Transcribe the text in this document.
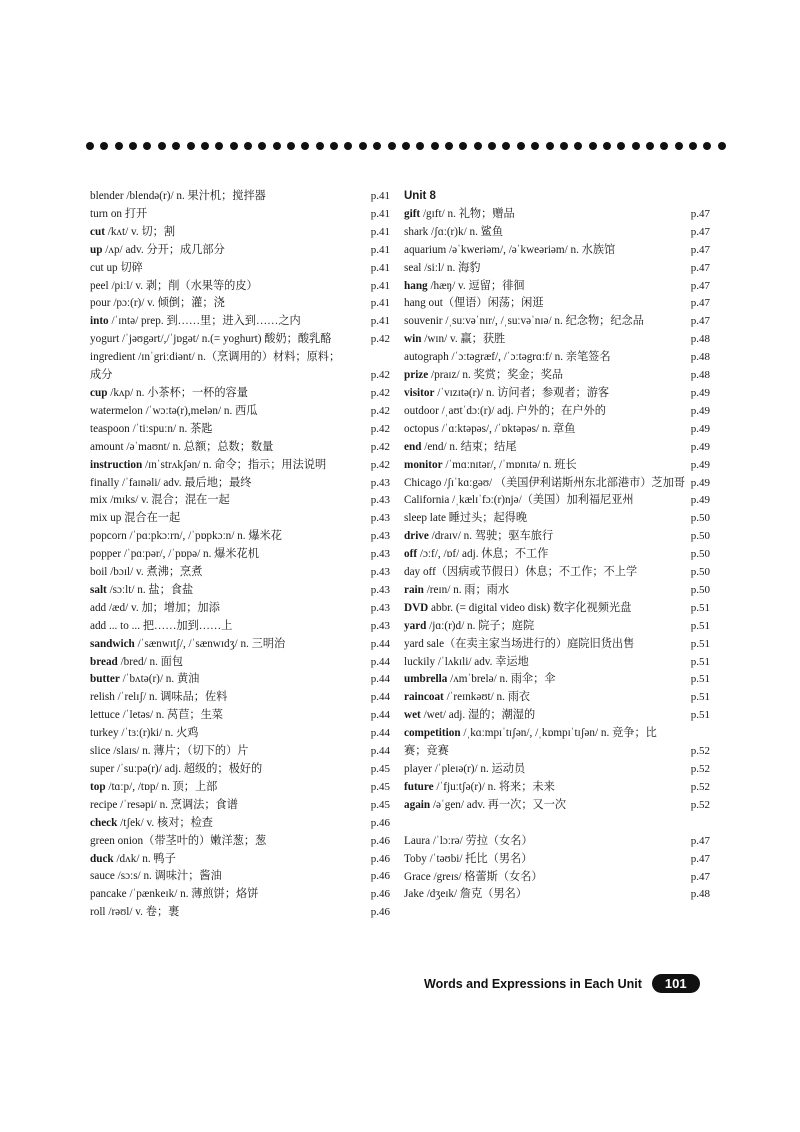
blender /blendə(r)/ n. 果汁机；搅拌器	p.41
turn on 打开	p.41
cut /kʌt/ v. 切；割	p.41
up /ʌp/ adv. 分开；成几部分	p.41
cut up 切碎	p.41
peel /piːl/ v. 剥；削（水果等的皮）	p.41
pour /pɔː(r)/ v. 倾倒；灌；浇	p.41
into /ˈɪntə/ prep. 到……里；进入到……之内	p.41
yogurt /ˈjəʊgərt/,/ˈjɒgət/ n.(= yoghurt) 酸奶；酸乳酪	p.42
ingredient /ɪnˈgriːdiənt/ n.（烹调用的）材料；原料；成分	p.42
cup /kʌp/ n. 小茶杯；一杯的容量	p.42
watermelon /ˈwɔːtə(r),melən/ n. 西瓜	p.42
teaspoon /ˈtiːspuːn/ n. 茶匙	p.42
amount /əˈmaʊnt/ n. 总额；总数；数量	p.42
instruction /ɪnˈstrʌkʃən/ n. 命令；指示；用法说明	p.42
finally /ˈfaɪnəli/ adv. 最后地；最终	p.43
mix /mɪks/ v. 混合；混在一起	p.43
mix up 混合在一起	p.43
popcorn /ˈpɑːpkɔːrn/, /ˈpɒpkɔːn/ n. 爆米花	p.43
popper /ˈpɑːpər/, /ˈpɒpə/ n. 爆米花机	p.43
boil /bɔɪl/ v. 煮沸；烹煮	p.43
salt /sɔːlt/ n. 盐；食盐	p.43
add /æd/ v. 加；增加；加添	p.43
add ... to ... 把……加到……上	p.43
sandwich /ˈsænwɪtʃ/, /ˈsænwɪdʒ/ n. 三明治	p.44
bread /bred/ n. 面包	p.44
butter /ˈbʌtə(r)/ n. 黄油	p.44
relish /ˈrelɪʃ/ n. 调味品；佐料	p.44
lettuce /ˈletəs/ n. 莴苣；生菜	p.44
turkey /ˈtɜː(r)ki/ n. 火鸡	p.44
slice /slaɪs/ n. 薄片；（切下的）片	p.44
super /ˈsuːpə(r)/ adj. 超级的；极好的	p.45
top /tɑːp/, /tɒp/ n. 顶；上部	p.45
recipe /ˈresəpi/ n. 烹调法；食谱	p.45
check /tʃek/ v. 核对；检查	p.46
green onion（带茎叶的）嫩洋葱；葱	p.46
duck /dʌk/ n. 鸭子	p.46
sauce /sɔːs/ n. 调味汁；酱油	p.46
pancake /ˈpænkeɪk/ n. 薄煎饼；烙饼	p.46
roll /rəʊl/ v. 卷；裹	p.46
Unit 8
gift /gɪft/ n. 礼物；赠品	p.47
shark /ʃɑː(r)k/ n. 鲨鱼	p.47
aquarium /əˈkweriəm/, /əˈkweəriəm/ n. 水族馆	p.47
seal /siːl/ n. 海豹	p.47
hang /hæŋ/ v. 逗留；徘徊	p.47
hang out（俚语）闲荡；闲逛	p.47
souvenir /ˌsuːvəˈnɪr/, /ˌsuːvəˈnɪə/ n. 纪念物；纪念品	p.47
win /wɪn/ v. 赢；获胜	p.48
autograph /ˈɔːtəgræf/, /ˈɔːtəgrɑːf/ n. 亲笔签名	p.48
prize /praɪz/ n. 奖赏；奖金；奖品	p.48
visitor /ˈvɪzɪtə(r)/ n. 访问者；参观者；游客	p.49
outdoor /ˌaʊtˈdɔː(r)/ adj. 户外的；在户外的	p.49
octopus /ˈɑːktəpəs/, /ˈɒktəpəs/ n. 章鱼	p.49
end /end/ n. 结束；结尾	p.49
monitor /ˈmɑːnɪtər/, /ˈmɒnɪtə/ n. 班长	p.49
Chicago /ʃɪˈkɑːgəʊ/ （美国伊利诺斯州东北部港市）芝加哥 p.49
California /ˌkælɪˈfɔː(r)njə/（美国）加利福尼亚州	p.49
sleep late 睡过头；起得晚	p.50
drive /draɪv/ n. 驾驶；驱车旅行	p.50
off /ɔːf/, /ɒf/ adj. 休息；不工作	p.50
day off（因病或节假日）休息；不工作；不上学	p.50
rain /reɪn/ n. 雨；雨水	p.50
DVD abbr. (= digital video disk) 数字化视频光盘	p.51
yard /jɑː(r)d/ n. 院子；庭院	p.51
yard sale（在卖主家当场进行的）庭院旧货出售	p.51
luckily /ˈlʌkɪli/ adv. 幸运地	p.51
umbrella /ʌmˈbrelə/ n. 雨伞；伞	p.51
raincoat /ˈreɪnkəʊt/ n. 雨衣	p.51
wet /wet/ adj. 湿的；潮湿的	p.51
competition /ˌkɑːmpɪˈtɪʃən/, /ˌkɒmpɪˈtɪʃən/ n. 竞争；比赛；竞赛	p.52
player /ˈpleɪə(r)/ n. 运动员	p.52
future /ˈfjuːtʃə(r)/ n. 将来；未来	p.52
again /əˈgen/ adv. 再一次；又一次	p.52
Laura /ˈlɔːrə/ 劳拉（女名）	p.47
Toby /ˈtəʊbi/ 托比（男名）	p.47
Grace /greɪs/ 格蕾斯（女名）	p.47
Jake /dʒeɪk/ 詹克（男名）	p.48
Words and Expressions in Each Unit	101
